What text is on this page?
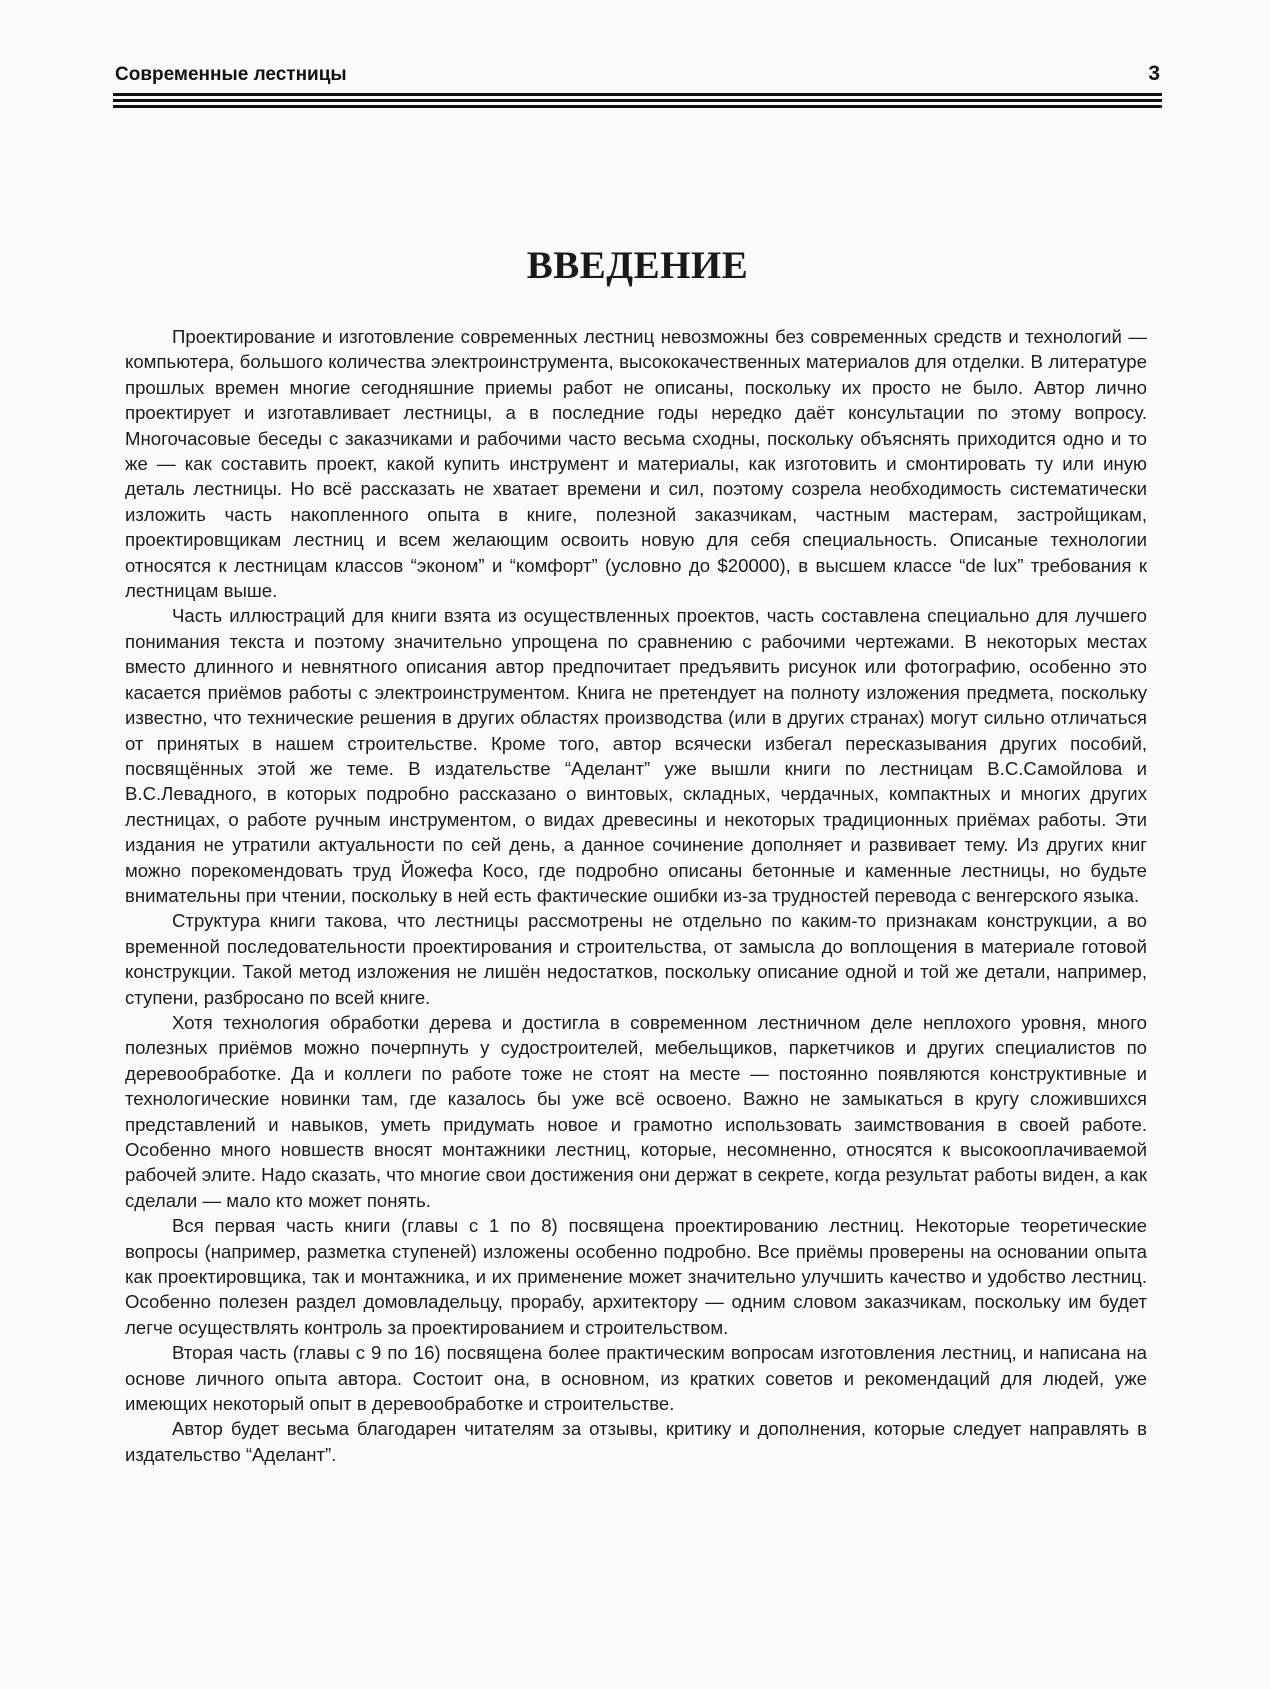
Современные лестницы	3
ВВЕДЕНИЕ

Проектирование и изготовление современных лестниц невозможны без современных средств и технологий — компьютера, большого количества электроинструмента, высококачественных материалов для отделки. В литературе прошлых времен многие сегодняшние приемы работ не описаны, поскольку их просто не было. Автор лично проектирует и изготавливает лестницы, а в последние годы нередко даёт консультации по этому вопросу. Многочасовые беседы с заказчиками и рабочими часто весьма сходны, поскольку объяснять приходится одно и то же — как составить проект, какой купить инструмент и материалы, как изготовить и смонтировать ту или иную деталь лестницы. Но всё рассказать не хватает времени и сил, поэтому созрела необходимость систематически изложить часть накопленного опыта в книге, полезной заказчикам, частным мастерам, застройщикам, проектировщикам лестниц и всем желающим освоить новую для себя специальность. Описаные технологии относятся к лестницам классов “эконом” и “комфорт” (условно до $20000), в высшем классе “de lux” требования к лестницам выше.

Часть иллюстраций для книги взята из осуществленных проектов, часть составлена специально для лучшего понимания текста и поэтому значительно упрощена по сравнению с рабочими чертежами. В некоторых местах вместо длинного и невнятного описания автор предпочитает предъявить рисунок или фотографию, особенно это касается приёмов работы с электроинструментом. Книга не претендует на полноту изложения предмета, поскольку известно, что технические решения в других областях производства (или в других странах) могут сильно отличаться от принятых в нашем строительстве. Кроме того, автор всячески избегал пересказывания других пособий, посвящённых этой же теме. В издательстве “Аделант” уже вышли книги по лестницам В.С.Самойлова и В.С.Левадного, в которых подробно рассказано о винтовых, складных, чердачных, компактных и многих других лестницах, о работе ручным инструментом, о видах древесины и некоторых традиционных приёмах работы. Эти издания не утратили актуальности по сей день, а данное сочинение дополняет и развивает тему. Из других книг можно порекомендовать труд Йожефа Косо, где подробно описаны бетонные и каменные лестницы, но будьте внимательны при чтении, поскольку в ней есть фактические ошибки из-за трудностей перевода с венгерского языка.

Структура книги такова, что лестницы рассмотрены не отдельно по каким-то признакам конструкции, а во временной последовательности проектирования и строительства, от замысла до воплощения в материале готовой конструкции. Такой метод изложения не лишён недостатков, поскольку описание одной и той же детали, например, ступени, разбросано по всей книге.

Хотя технология обработки дерева и достигла в современном лестничном деле неплохого уровня, много полезных приёмов можно почерпнуть у судостроителей, мебельщиков, паркетчиков и других специалистов по деревообработке. Да и коллеги по работе тоже не стоят на месте — постоянно появляются конструктивные и технологические новинки там, где казалось бы уже всё освоено. Важно не замыкаться в кругу сложившихся представлений и навыков, уметь придумать новое и грамотно использовать заимствования в своей работе. Особенно много новшеств вносят монтажники лестниц, которые, несомненно, относятся к высокооплачиваемой рабочей элите. Надо сказать, что многие свои достижения они держат в секрете, когда результат работы виден, а как сделали — мало кто может понять.

Вся первая часть книги (главы с 1 по 8) посвящена проектированию лестниц. Некоторые теоретические вопросы (например, разметка ступеней) изложены особенно подробно. Все приёмы проверены на основании опыта как проектировщика, так и монтажника, и их применение может значительно улучшить качество и удобство лестниц. Особенно полезен раздел домовладельцу, прорабу, архитектору — одним словом заказчикам, поскольку им будет легче осуществлять контроль за проектированием и строительством.

Вторая часть (главы с 9 по 16) посвящена более практическим вопросам изготовления лестниц, и написана на основе личного опыта автора. Состоит она, в основном, из кратких советов и рекомендаций для людей, уже имеющих некоторый опыт в деревообработке и строительстве.

Автор будет весьма благодарен читателям за отзывы, критику и дополнения, которые следует направлять в издательство “Аделант”.
